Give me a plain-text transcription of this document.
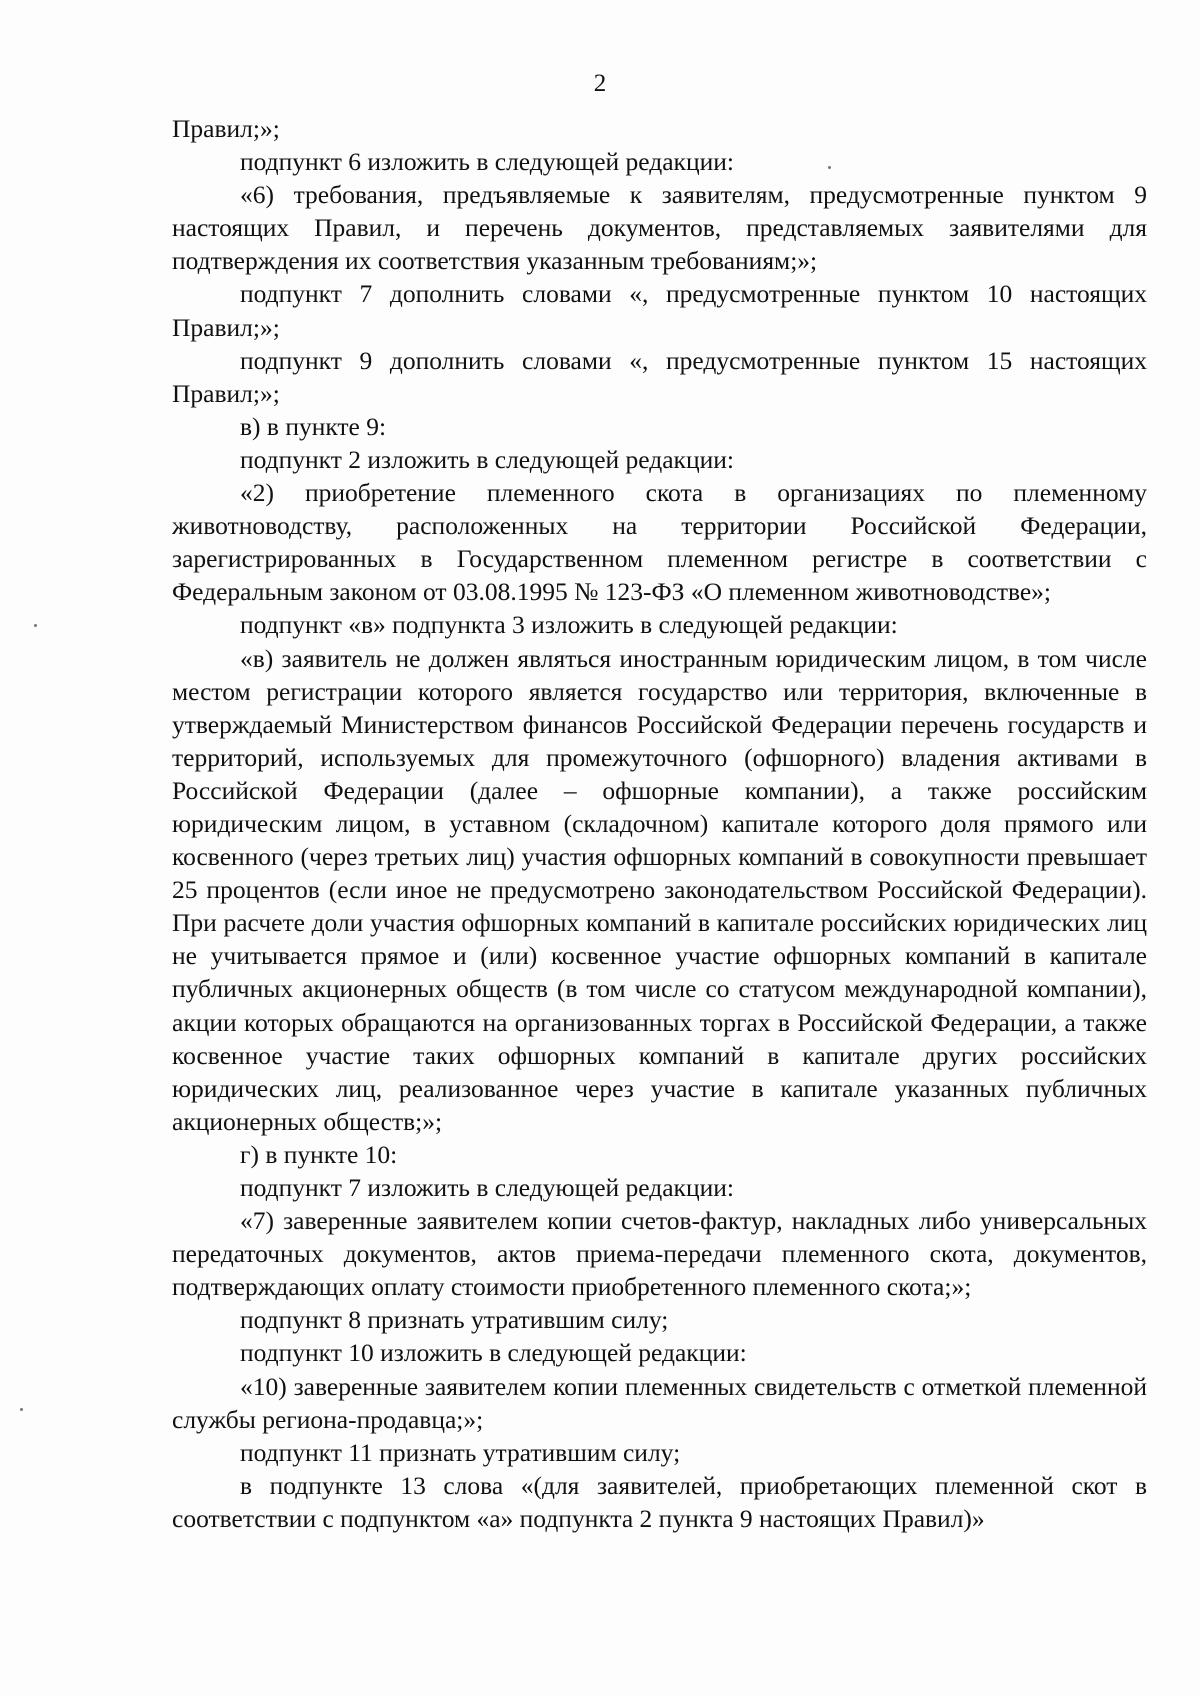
2

Правил;»;

подпункт 6 изложить в следующей редакции:

«6) требования, предъявляемые к заявителям, предусмотренные пунктом 9 настоящих Правил, и перечень документов, представляемых заявителями для подтверждения их соответствия указанным требованиям;»;

подпункт 7 дополнить словами «, предусмотренные пунктом 10 настоящих Правил;»;

подпункт 9 дополнить словами «, предусмотренные пунктом 15 настоящих Правил;»;

в) в пункте 9:

подпункт 2 изложить в следующей редакции:

«2) приобретение племенного скота в организациях по племенному животноводству, расположенных на территории Российской Федерации, зарегистрированных в Государственном племенном регистре в соответствии с Федеральным законом от 03.08.1995 № 123-ФЗ «О племенном животноводстве»;

подпункт «в» подпункта 3 изложить в следующей редакции:

«в) заявитель не должен являться иностранным юридическим лицом, в том числе местом регистрации которого является государство или территория, включенные в утверждаемый Министерством финансов Российской Федерации перечень государств и территорий, используемых для промежуточного (офшорного) владения активами в Российской Федерации (далее – офшорные компании), а также российским юридическим лицом, в уставном (складочном) капитале которого доля прямого или косвенного (через третьих лиц) участия офшорных компаний в совокупности превышает 25 процентов (если иное не предусмотрено законодательством Российской Федерации). При расчете доли участия офшорных компаний в капитале российских юридических лиц не учитывается прямое и (или) косвенное участие офшорных компаний в капитале публичных акционерных обществ (в том числе со статусом международной компании), акции которых обращаются на организованных торгах в Российской Федерации, а также косвенное участие таких офшорных компаний в капитале других российских юридических лиц, реализованное через участие в капитале указанных публичных акционерных обществ;»;

г) в пункте 10:

подпункт 7 изложить в следующей редакции:

«7) заверенные заявителем копии счетов-фактур, накладных либо универсальных передаточных документов, актов приема-передачи племенного скота, документов, подтверждающих оплату стоимости приобретенного племенного скота;»;

подпункт 8 признать утратившим силу;

подпункт 10 изложить в следующей редакции:

«10) заверенные заявителем копии племенных свидетельств с отметкой племенной службы региона-продавца;»;

подпункт 11 признать утратившим силу;

в подпункте 13 слова «(для заявителей, приобретающих племенной скот в соответствии с подпунктом «а» подпункта 2 пункта 9 настоящих Правил)»
